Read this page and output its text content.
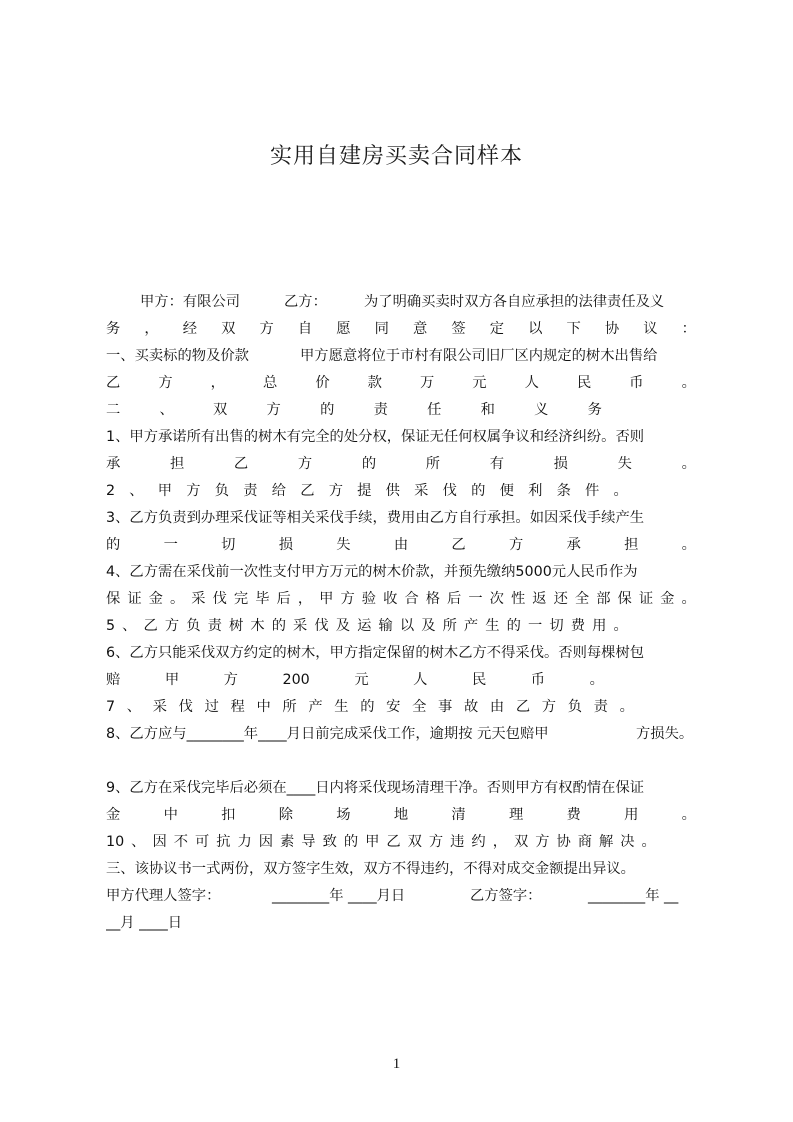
实用自建房买卖合同样本
甲方：有限公司	乙方：	为了明确买卖时双方各自应承担的法律责任及义
务 ， 经 双 方 自 愿 同 意 签 定 以 下 协 议 ：
一、买卖标的物及价款	甲方愿意将位于市村有限公司旧厂区内规定的树木出售给
乙	方	，	总	价	款	万	元	人	民	币	。
二	、	双	方	的	责	任	和	义	务
1、甲方承诺所有出售的树木有完全的处分权，保证无任何权属争议和经济纠纷。否则
承	担	乙	方	的	所	有	损	失	。
2 、 甲 方 负 责 给 乙 方 提 供 采 伐 的 便 利 条 件 。
3、乙方负责到办理采伐证等相关采伐手续，费用由乙方自行承担。如因采伐手续产生
的	一	切	损	失	由	乙	方	承	担	。
4、乙方需在采伐前一次性支付甲方万元的树木价款，并预先缴纳5000元人民币作为
保 证 金 。 采 伐 完 毕 后 ， 甲 方 验 收 合 格 后 一 次 性 返 还 全 部 保 证 金 。
5 、 乙 方 负 责 树 木 的 采 伐 及 运 输 以 及 所 产 生 的 一 切 费 用 。
6、乙方只能采伐双方约定的树木，甲方指定保留的树木乙方不得采伐。否则每棵树包
赔	甲	方	200	元	人	民	币	。
7 、 采 伐 过 程 中 所 产 生 的 安 全 事 故 由 乙 方 负 责 。
8、乙方应与________年____月日前完成采伐工作，逾期按 元天包赔甲	方损失。
9、乙方在采伐完毕后必须在____日内将采伐现场清理干净。否则甲方有权酌情在保证
金	中	扣	除	场	地	清	理	费	用	。
10 、 因 不 可 抗 力 因 素 导 致 的 甲 乙 双 方 违 约 ， 双 方 协 商 解 决 。
三、该协议书一式两份，双方签字生效，双方不得违约，不得对成交金额提出异议。
甲方代理人签字：	________年 ____月日	乙方签字：	________年 __
__月 ____日
1
